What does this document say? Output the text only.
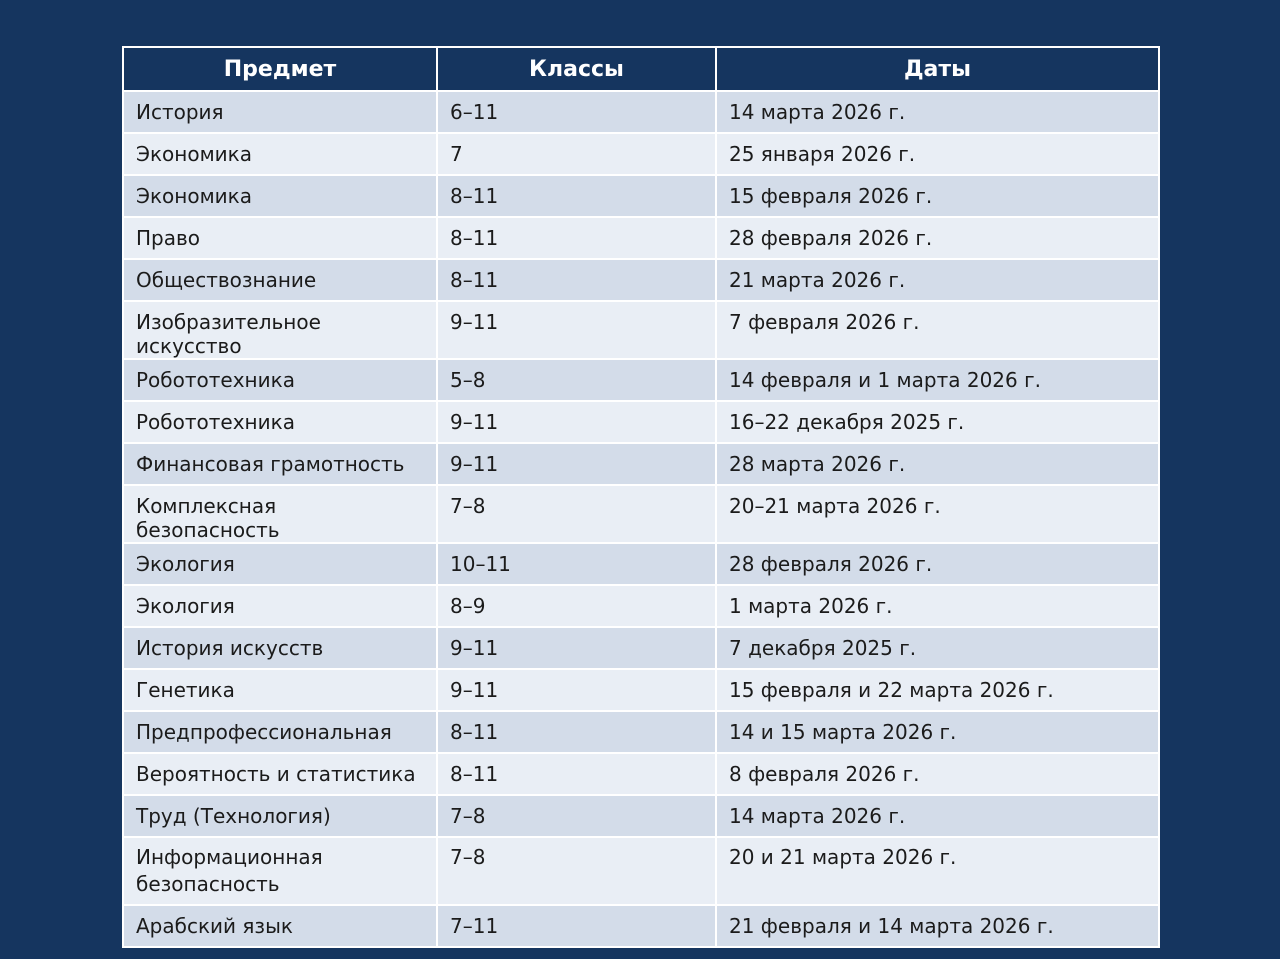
Предмет	Классы	Даты
История	6–11	14 марта 2026 г.
Экономика	7	25 января 2026 г.
Экономика	8–11	15 февраля 2026 г.
Право	8–11	28 февраля 2026 г.
Обществознание	8–11	21 марта 2026 г.
Изобразительное искусство	9–11	7 февраля 2026 г.
Робототехника	5–8	14 февраля и 1 марта 2026 г.
Робототехника	9–11	16–22 декабря 2025 г.
Финансовая грамотность	9–11	28 марта 2026 г.
Комплексная безопасность	7–8	20–21 марта 2026 г.
Экология	10–11	28 февраля 2026 г.
Экология	8–9	1 марта 2026 г.
История искусств	9–11	7 декабря 2025 г.
Генетика	9–11	15 февраля и 22 марта 2026 г.
Предпрофессиональная	8–11	14 и 15 марта 2026 г.
Вероятность и статистика	8–11	8 февраля 2026 г.
Труд (Технология)	7–8	14 марта 2026 г.
Информационная безопасность	7–8	20 и 21 марта 2026 г.
Арабский язык	7–11	21 февраля и 14 марта 2026 г.
